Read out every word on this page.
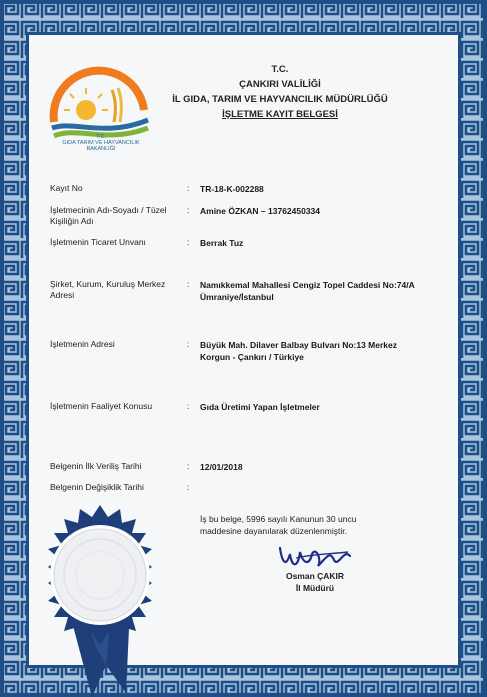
T.C.
GIDA TARIM VE HAYVANCILIK
BAKANLIĞI
T.C.
ÇANKIRI VALİLİĞİ
İL GIDA, TARIM VE HAYVANCILIK MÜDÜRLÜĞÜ
İŞLETME KAYIT BELGESİ
Kayıt No	:	TR-18-K-002288
İşletmecinin Adı-Soyadı / Tüzel Kişiliğin Adı
:	Amine ÖZKAN – 13762450334
İşletmenin Ticaret Unvanı	:	Berrak Tuz
Şirket, Kurum, Kuruluş Merkez Adresi
:	Namıkkemal Mahallesi Cengiz Topel Caddesi No:74/A Ümraniye/İstanbul
İşletmenin Adresi	:	Büyük Mah. Dilaver Balbay Bulvarı No:13 Merkez Korgun - Çankırı / Türkiye
İşletmenin Faaliyet Konusu	:	Gıda Üretimi Yapan İşletmeler
Belgenin İlk Veriliş Tarihi	:	12/01/2018
Belgenin Değişiklik Tarihi	:
İş bu belge, 5996 sayılı Kanunun 30 uncu maddesine dayanılarak düzenlenmiştir.
Osman ÇAKIR
İl Müdürü
